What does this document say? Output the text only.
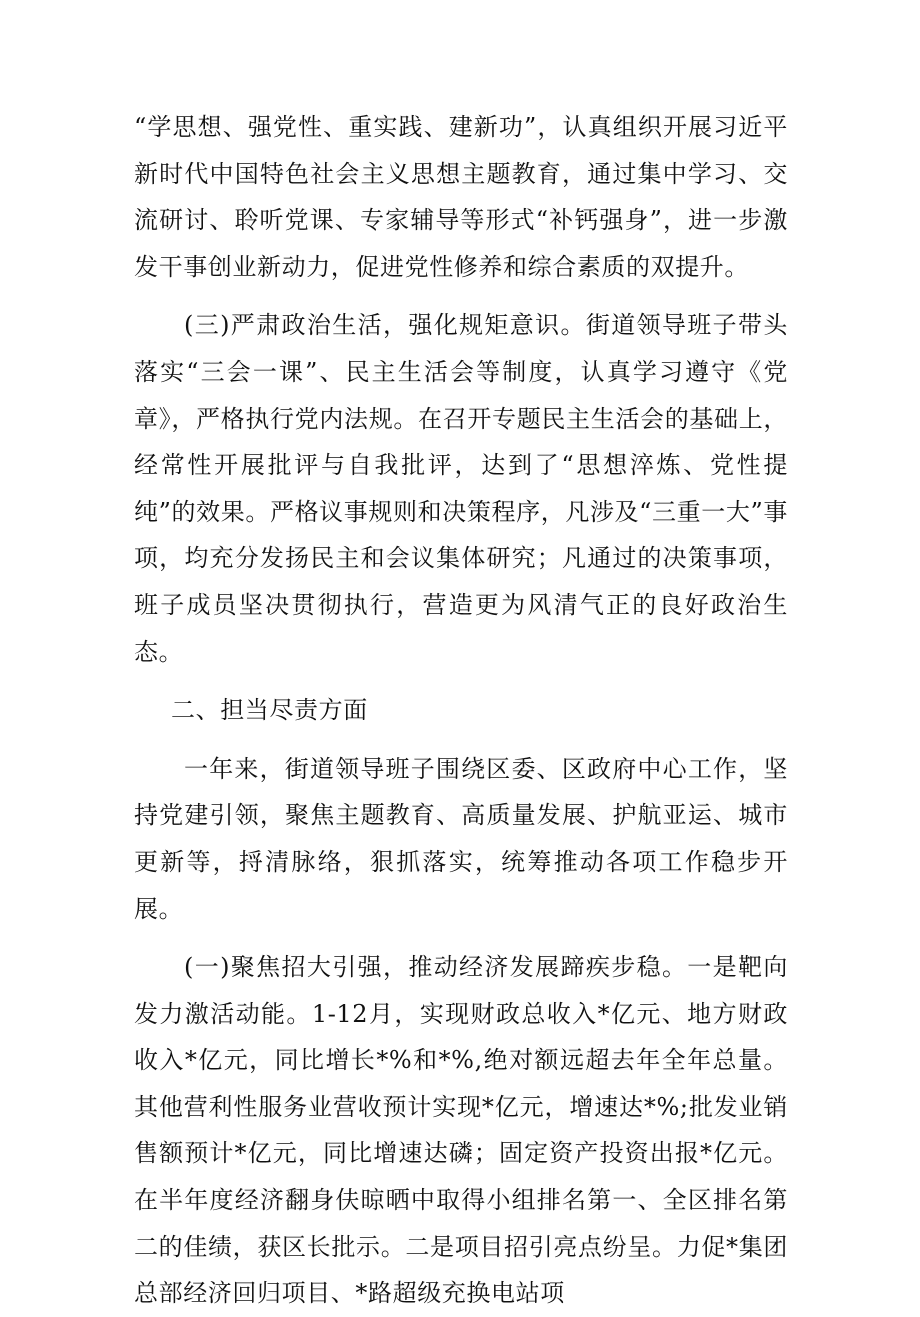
“学思想、强党性、重实践、建新功”，认真组织开展习近平新时代中国特色社会主义思想主题教育，通过集中学习、交流研讨、聆听党课、专家辅导等形式“补钙强身”，进一步激发干事创业新动力，促进党性修养和综合素质的双提升。

(三)严肃政治生活，强化规矩意识。街道领导班子带头落实“三会一课”、民主生活会等制度，认真学习遵守《党章》，严格执行党内法规。在召开专题民主生活会的基础上，经常性开展批评与自我批评，达到了“思想淬炼、党性提纯”的效果。严格议事规则和决策程序，凡涉及“三重一大”事项，均充分发扬民主和会议集体研究；凡通过的决策事项，班子成员坚决贯彻执行，营造更为风清气正的良好政治生态。

二、担当尽责方面

一年来，街道领导班子围绕区委、区政府中心工作，坚持党建引领，聚焦主题教育、高质量发展、护航亚运、城市更新等，捋清脉络，狠抓落实，统筹推动各项工作稳步开展。

(一)聚焦招大引强，推动经济发展蹄疾步稳。一是靶向发力激活动能。1-12月，实现财政总收入*亿元、地方财政收入*亿元，同比增长*%和*%,绝对额远超去年全年总量。其他营利性服务业营收预计实现*亿元，增速达*%;批发业销售额预计*亿元，同比增速达磷；固定资产投资出报*亿元。在半年度经济翻身伕晾晒中取得小组排名第一、全区排名第二的佳绩，获区长批示。二是项目招引亮点纷呈。力促*集团总部经济回归项目、*路超级充换电站项
